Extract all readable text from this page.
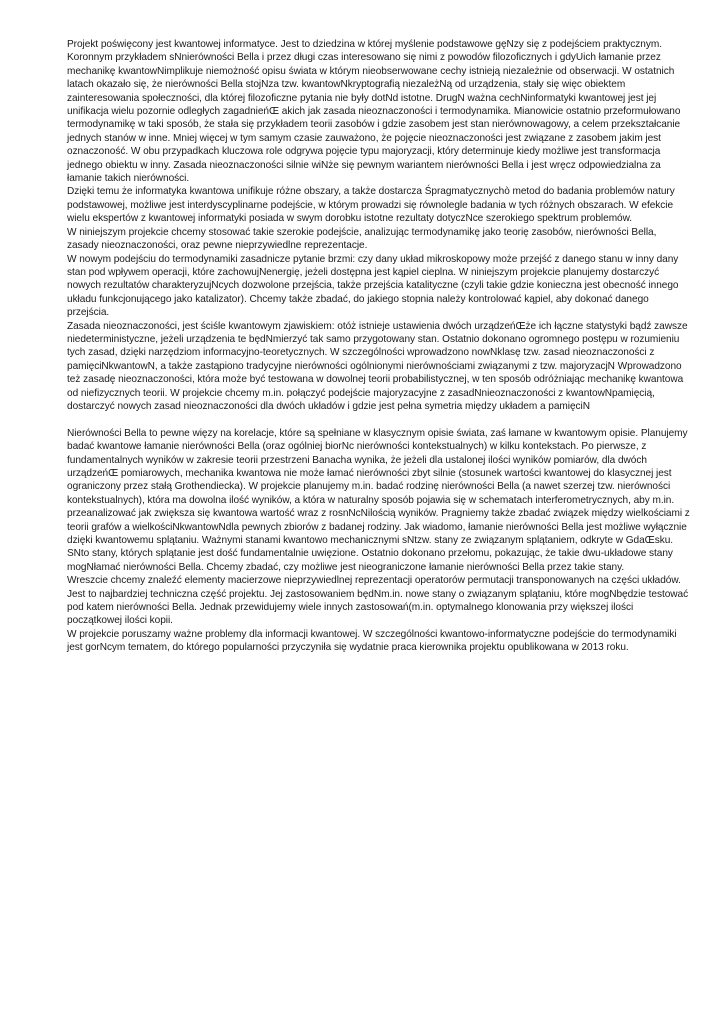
Projekt poświęcony jest kwantowej informatyce. Jest to dziedzina w której myślenie podstawowe gęNzy się z podejściem praktycznym. Koronnym przykładem sNnierówności Bella i przez długi czas interesowano się nimi z powodów filozoficznych i gdyUich łamanie przez mechanikę kwantowNimplikuje niemożność opisu świata w którym nieobserwowane cechy istnieją niezależnie od obserwacji. W ostatnich latach okazało się, że nierówności Bella stojNza tzw. kwantowNkryptografią niezależNą od urządzenia, stały się więc obiektem zainteresowania społeczności, dla której filozoficzne pytania nie były dotNd istotne. DrugN ważna cechNinformatyki kwantowej jest jej unifikacja wielu pozornie odległych zagadnieńŒ akich jak zasada nieoznaczoności i termodynamika. Mianowicie ostatnio przeformułowano termodynamikę w taki sposób, że stała się przykładem teorii zasobów i gdzie zasobem jest stan nierównowagowy, a celem przekształcanie jednych stanów w inne. Mniej więcej w tym samym czasie zauważono, że pojęcie nieoznaczoności jest związane z zasobem jakim jest oznaczoność. W obu przypadkach kluczowa role odgrywa pojęcie typu majoryzacji, który determinuje kiedy możliwe jest transformacja jednego obiektu w inny. Zasada nieoznaczoności silnie wiNże się pewnym wariantem nierówności Bella i jest wręcz odpowiedzialna za łamanie takich nierówności.

Dzięki temu że informatyka kwantowa unifikuje różne obszary, a także dostarcza Śpragmatycznychò metod do badania problemów natury podstawowej, możliwe jest interdyscyplinarne podejście, w którym prowadzi się równolegle badania w tych różnych obszarach. W efekcie wielu ekspertów z kwantowej informatyki posiada w swym dorobku istotne rezultaty dotyczNce szerokiego spektrum problemów.

W niniejszym projekcie chcemy stosować takie szerokie podejście, analizując termodynamikę jako teorię zasobów, nierówności Bella, zasady nieoznaczoności, oraz pewne nieprzywiedlne reprezentacje.

W nowym podejściu do termodynamiki zasadnicze pytanie brzmi: czy dany układ mikroskopowy może przejść z danego stanu w inny dany stan pod wpływem operacji, które zachowujNenergię, jeżeli dostępna jest kąpiel cieplna. W niniejszym projekcie planujemy dostarczyć nowych rezultatów charakteryzujNcych dozwolone przejścia, także przejścia katalityczne (czyli takie gdzie konieczna jest obecność innego układu funkcjonującego jako katalizator). Chcemy także zbadać, do jakiego stopnia należy kontrolować kąpiel, aby dokonać danego przejścia.

Zasada nieoznaczoności, jest ściśle kwantowym zjawiskiem: otóż istnieje ustawienia dwóch urządzeńŒże ich łączne statystyki bądź zawsze niedeterministyczne, jeżeli urządzenia te będNmierzyć tak samo przygotowany stan. Ostatnio dokonano ogromnego postępu w rozumieniu tych zasad, dzięki narzędziom informacyjno-teoretycznych. W szczególności wprowadzono nowNklasę tzw. zasad nieoznaczoności z pamięciNkwantowN, a także zastąpiono tradycyjne nierówności ogólnionymi nierównościami związanymi z tzw. majoryzacjN Wprowadzono też zasadę nieoznaczoności, która może być testowana w dowolnej teorii probabilistycznej, w ten sposób odróżniając mechanikę kwantowa od niefizycznych teorii. W projekcie chcemy m.in. połączyć podejście majoryzacyjne z zasadNnieoznaczoności z kwantowNpamięcią, dostarczyć nowych zasad nieoznaczoności dla dwóch układów i gdzie jest pełna symetria między układem a pamięciN

Nierówności Bella to pewne więzy na korelacje, które są spełniane w klasycznym opisie świata, zaś łamane w kwantowym opisie. Planujemy badać kwantowe łamanie nierówności Bella (oraz ogólniej biorNc nierówności kontekstualnych) w kilku kontekstach. Po pierwsze, z fundamentalnych wyników w zakresie teorii przestrzeni Banacha wynika, że jeżeli dla ustalonej ilości wyników pomiarów, dla dwóch urządzeńŒ pomiarowych, mechanika kwantowa nie może łamać nierówności zbyt silnie (stosunek wartości kwantowej do klasycznej jest ograniczony przez stałą Grothendiecka). W projekcie planujemy m.in. badać rodzinę nierówności Bella (a nawet szerzej tzw. nierówności kontekstualnych), która ma dowolna ilość wyników, a która w naturalny sposób pojawia się w schematach interferometrycznych, aby m.in. przeanalizować jak zwiększa się kwantowa wartość wraz z rosnNcNilością wyników. Pragniemy także zbadać związek między wielkościami z teorii grafów a wielkościNkwantowNdla pewnych zbiorów z badanej rodziny. Jak wiadomo, łamanie nierówności Bella jest możliwe wyłącznie dzięki kwantowemu splątaniu. Ważnymi stanami kwantowo mechanicznymi sNtzw. stany ze związanym splątaniem, odkryte w GdaŒsku. SNto stany, których splątanie jest dość fundamentalnie uwięzione. Ostatnio dokonano przełomu, pokazując, że takie dwu-układowe stany mogNłamać nierówności Bella. Chcemy zbadać, czy możliwe jest nieograniczone łamanie nierówności Bella przez takie stany.

Wreszcie chcemy znaleźć elementy macierzowe nieprzywiedlnej reprezentacji operatorów permutacji transponowanych na części układów. Jest to najbardziej techniczna część projektu. Jej zastosowaniem będNm.in. nowe stany o związanym splątaniu, które mogNbędzie testować pod katem nierówności Bella. Jednak przewidujemy wiele innych zastosowań(m.in. optymalnego klonowania przy większej ilości początkowej ilości kopii.

W projekcie poruszamy ważne problemy dla informacji kwantowej. W szczególności kwantowo-informatyczne podejście do termodynamiki jest gorNcym tematem, do którego popularności przyczyniła się wydatnie praca kierownika projektu opublikowana w 2013 roku.
